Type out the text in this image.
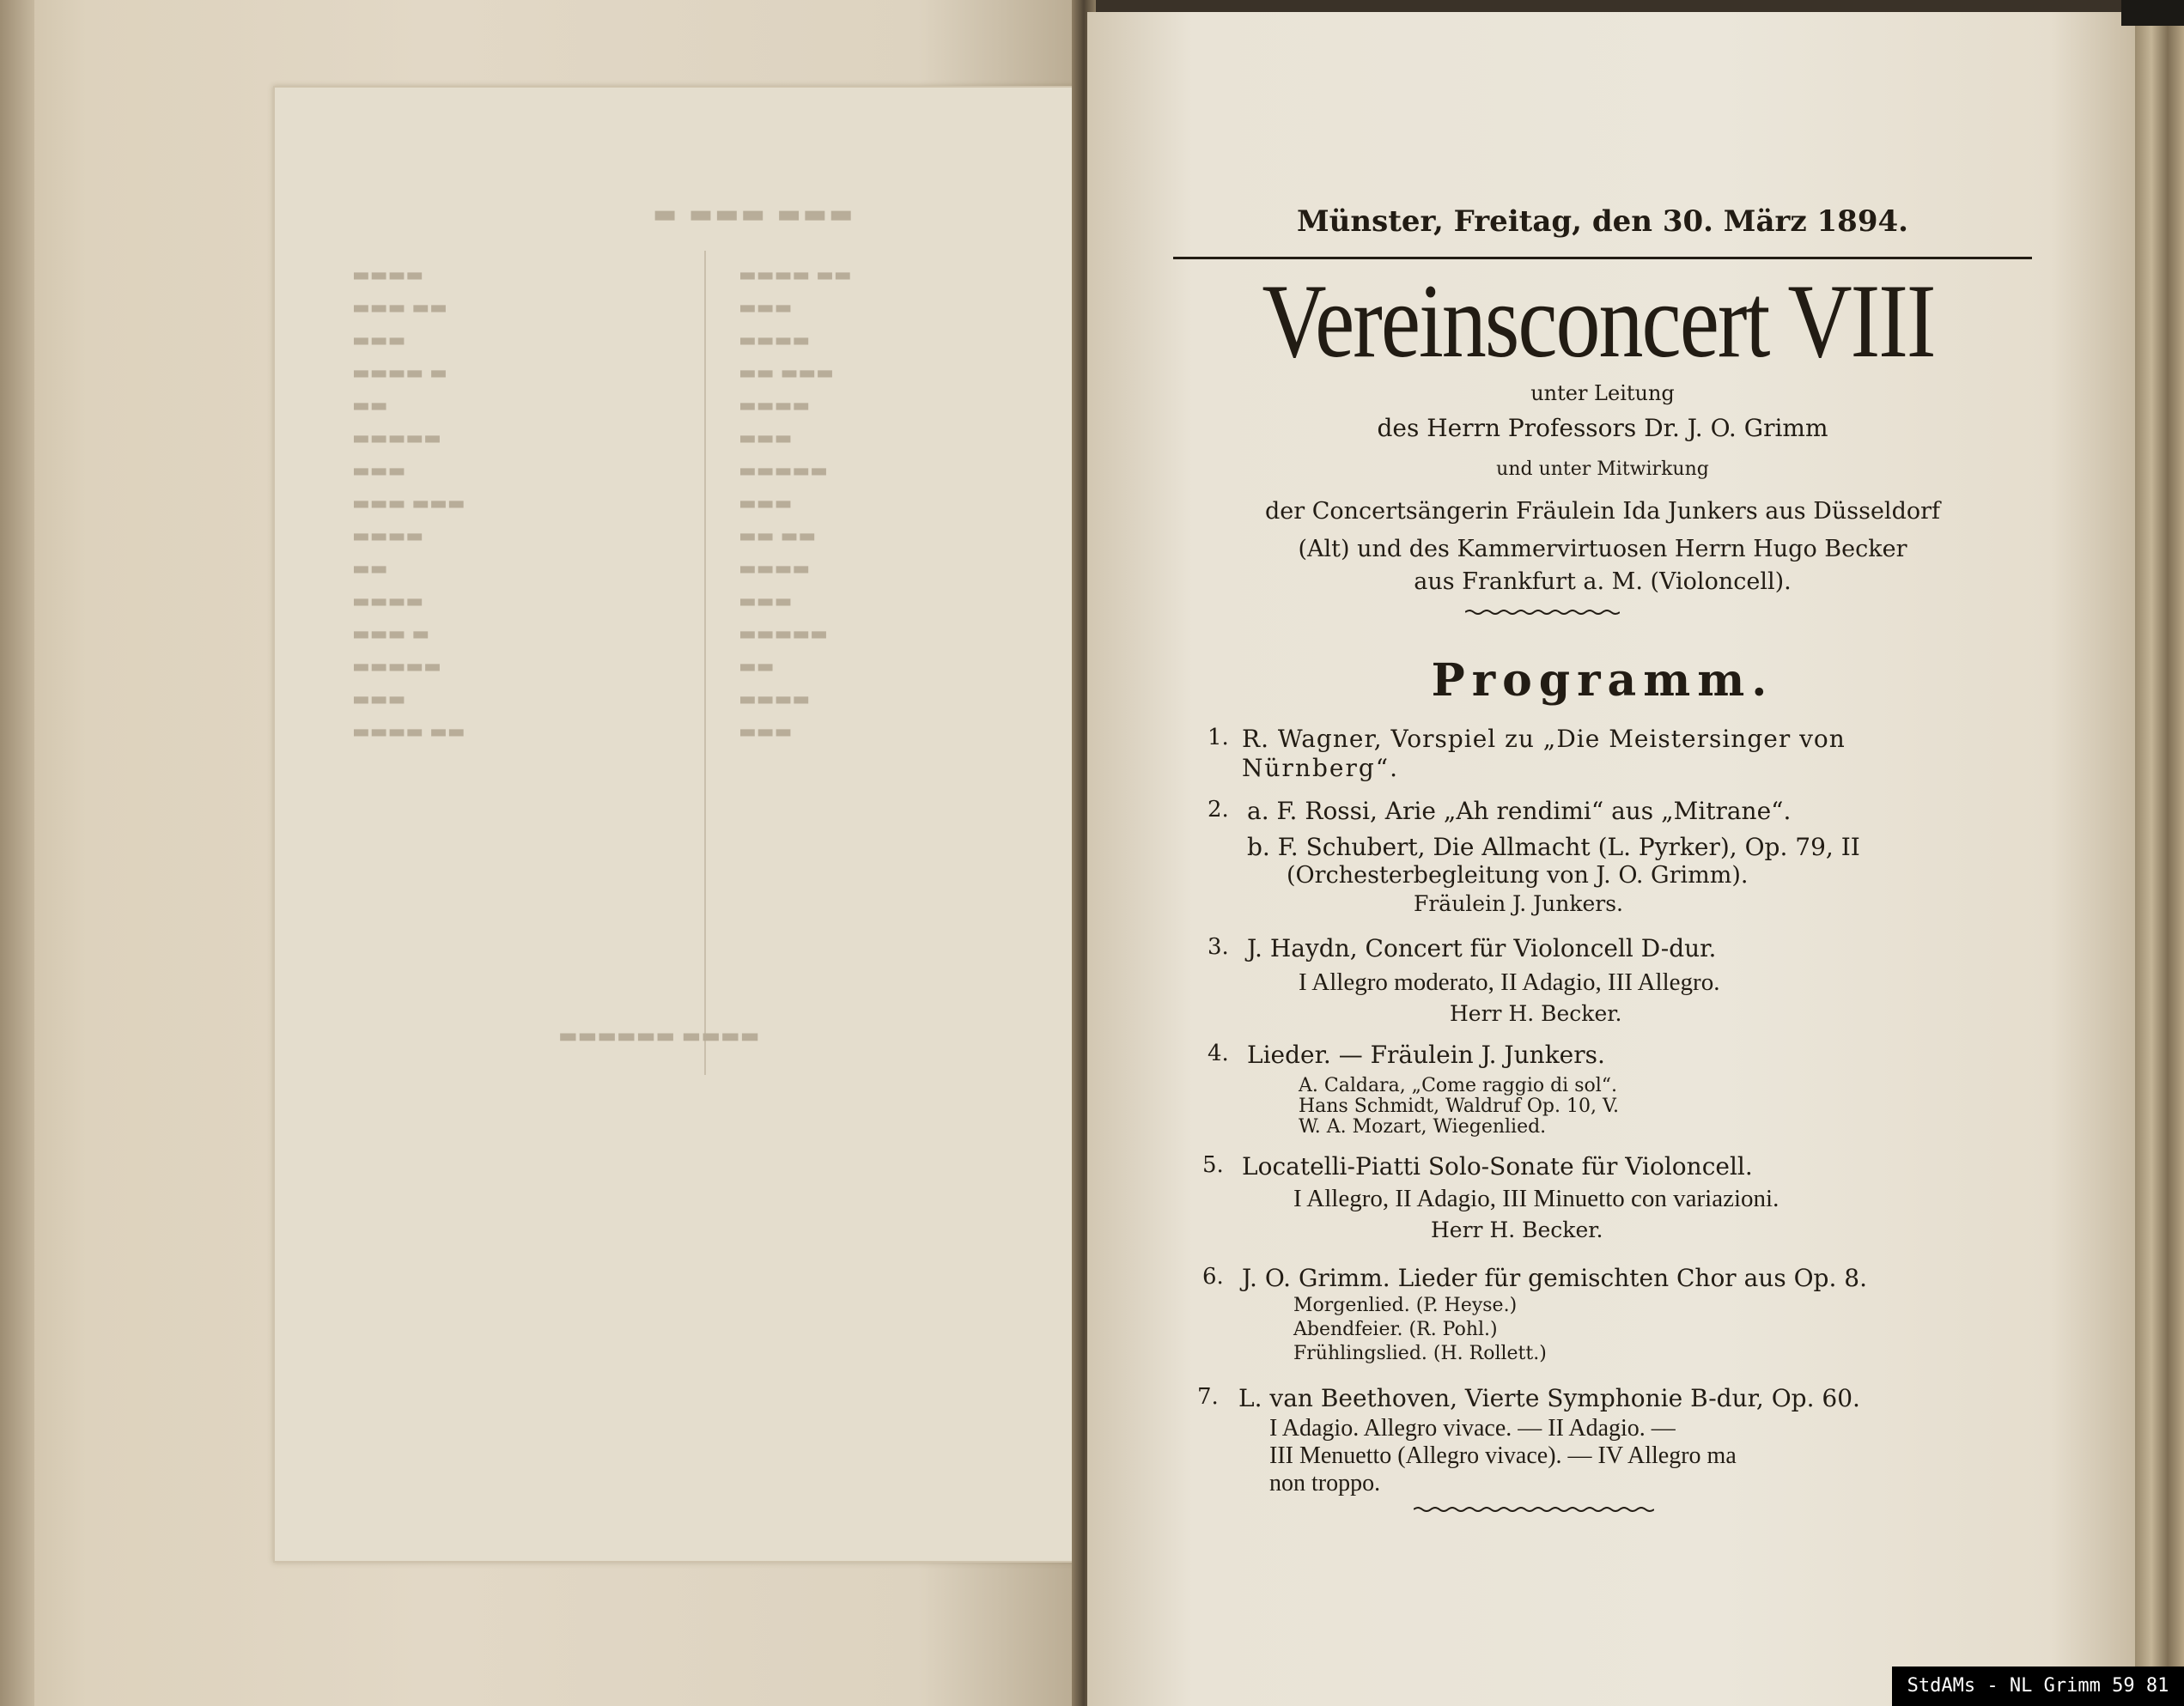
▬ ▬▬▬ ▬▬▬
▬▬▬▬
▬▬▬ ▬▬
▬▬▬
▬▬▬▬ ▬
▬▬
▬▬▬▬▬
▬▬▬
▬▬▬ ▬▬▬
▬▬▬▬
▬▬
▬▬▬▬
▬▬▬ ▬
▬▬▬▬▬
▬▬▬
▬▬▬▬ ▬▬
▬▬▬▬ ▬▬
▬▬▬
▬▬▬▬
▬▬ ▬▬▬
▬▬▬▬
▬▬▬
▬▬▬▬▬
▬▬▬
▬▬ ▬▬
▬▬▬▬
▬▬▬
▬▬▬▬▬
▬▬
▬▬▬▬
▬▬▬
▬▬▬▬▬▬ ▬▬▬▬
Münster, Freitag, den 30. März 1894.
Vereinsconcert VIII
unter Leitung
des Herrn Professors Dr. J. O. Grimm
und unter Mitwirkung
der Concertsängerin Fräulein Ida Junkers aus Düsseldorf
(Alt) und des Kammervirtuosen Herrn Hugo Becker
aus Frankfurt a. M. (Violoncell).
Programm.
1. R. Wagner, Vorspiel zu „Die Meistersinger von
Nürnberg“.
2. a. F. Rossi, Arie „Ah rendimi“ aus „Mitrane“.
b. F. Schubert, Die Allmacht (L. Pyrker), Op. 79, II
(Orchesterbegleitung von J. O. Grimm).
Fräulein J. Junkers.
3. J. Haydn, Concert für Violoncell D-dur.
I Allegro moderato, II Adagio, III Allegro.
Herr H. Becker.
4. Lieder. — Fräulein J. Junkers.
A. Caldara, „Come raggio di sol“.
Hans Schmidt, Waldruf Op. 10, V.
W. A. Mozart, Wiegenlied.
5. Locatelli-Piatti Solo-Sonate für Violoncell.
I Allegro, II Adagio, III Minuetto con variazioni.
Herr H. Becker.
6. J. O. Grimm. Lieder für gemischten Chor aus Op. 8.
Morgenlied. (P. Heyse.)
Abendfeier. (R. Pohl.)
Frühlingslied. (H. Rollett.)
7. L. van Beethoven, Vierte Symphonie B-dur, Op. 60.
I Adagio. Allegro vivace. — II Adagio. —
III Menuetto (Allegro vivace). — IV Allegro ma
non troppo.
StdAMs - NL Grimm 59 81
